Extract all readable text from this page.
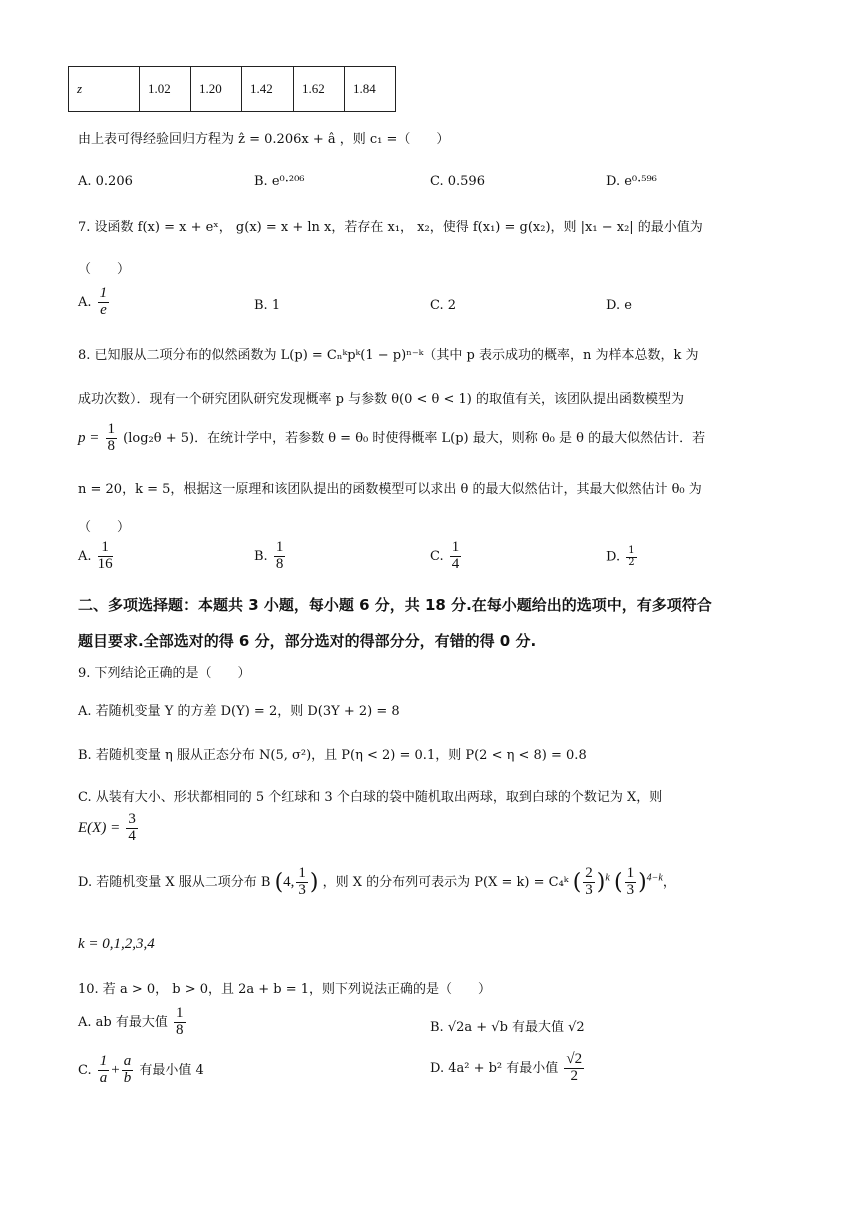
z	1.02	1.20	1.42	1.62	1.84
由上表可得经验回归方程为 ẑ = 0.206x + â ，则 c₁ =（　　）
A. 0.206	B. e⁰·²⁰⁶	C. 0.596	D. e⁰·⁵⁹⁶
7. 设函数 f(x) = x + eˣ， g(x) = x + ln x，若存在 x₁， x₂，使得 f(x₁) = g(x₂)，则 |x₁ − x₂| 的最小值为
（　　）
A. $\frac{1}{e}$	B. 1	C. 2	D. e
8. 已知服从二项分布的似然函数为 L(p) = Cₙᵏpᵏ(1 − p)ⁿ⁻ᵏ（其中 p 表示成功的概率，n 为样本总数，k 为
成功次数）．现有一个研究团队研究发现概率 p 与参数 θ(0 < θ < 1) 的取值有关，该团队提出函数模型为
$p = \frac{1}{8} (\log_2\theta + 5)$．在统计学中，若参数 θ = θ₀ 时使得概率 L(p) 最大，则称 θ₀ 是 θ 的最大似然估计．若
n = 20，k = 5，根据这一原理和该团队提出的函数模型可以求出 θ 的最大似然估计，其最大似然估计 θ₀ 为
（　　）
A. $\frac{1}{16}$	B. $\frac{1}{8}$	C. $\frac{1}{4}$	D. $\frac{1}{2}$
二、多项选择题：本题共 3 小题，每小题 6 分，共 18 分.在每小题给出的选项中，有多项符合
题目要求.全部选对的得 6 分，部分选对的得部分分，有错的得 0 分.
9. 下列结论正确的是（　　）
A. 若随机变量 Y 的方差 D(Y) = 2，则 D(3Y + 2) = 8
B. 若随机变量 η 服从正态分布 N(5, σ²)，且 P(η < 2) = 0.1，则 P(2 < η < 8) = 0.8
C. 从装有大小、形状都相同的 5 个红球和 3 个白球的袋中随机取出两球，取到白球的个数记为 X，则
$E(X) = \frac{3}{4}$
D. 若随机变量 X 服从二项分布 B (4, $\frac{1}{3}$ ) ，则 X 的分布列可表示为 P(X = k) = C₄ᵏ ( $\frac{2}{3} )^k$ ( $\frac{1}{3} )^{4-k}$，
k = 0,1,2,3,4
10. 若 a > 0， b > 0，且 2a + b = 1，则下列说法正确的是（　　）
A. ab 有最大值 $\frac{1}{8}$	B. √2a + √b 有最大值 √2
C. $\frac{1}{a} + \frac{a}{b}$ 有最小值 4	D. 4a² + b² 有最小值 $\frac{√2}{2}$
